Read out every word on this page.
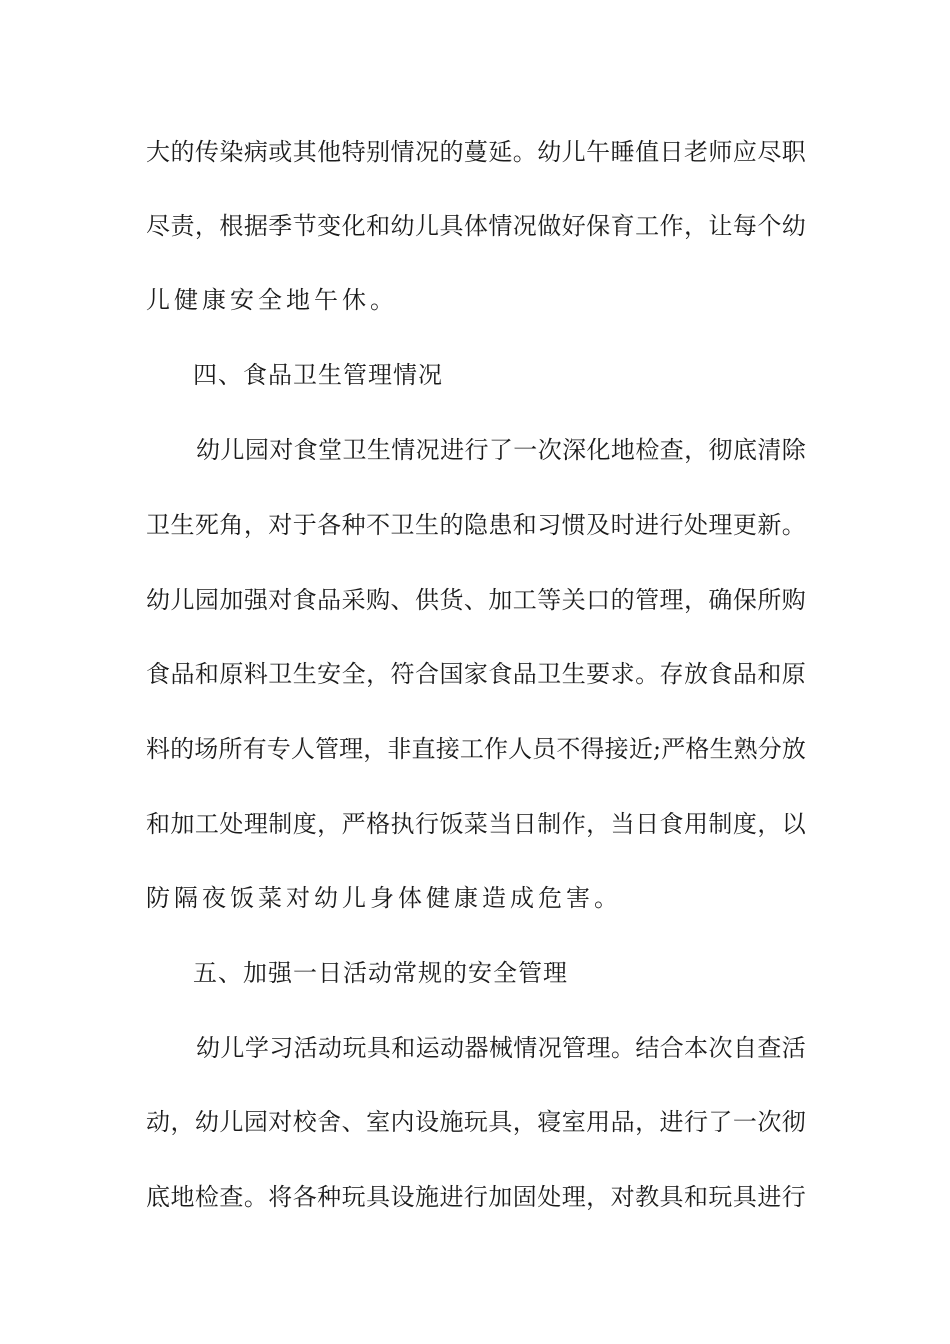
大 的 传 染 病 或 其 他 特 别 情 况 的 蔓 延 。 幼 儿 午 睡 值 日 老 师 应 尽 职

尽 责 ， 根 据 季 节 变 化 和 幼 儿 具 体 情 况 做 好 保 育 工 作 ， 让 每 个 幼

儿健康安全地午休。

四、食品卫生管理情况

幼 儿 园 对 食 堂 卫 生 情 况 进 行 了 一 次 深 化 地 检 查 ， 彻 底 清 除

卫 生 死 角 ， 对 于 各 种 不 卫 生 的 隐 患 和 习 惯 及 时 进 行 处 理 更 新 。

幼 儿 园 加 强 对 食 品 采 购 、 供 货 、 加 工 等 关 口 的 管 理 ， 确 保 所 购

食 品 和 原 料 卫 生 安 全 ， 符 合 国 家 食 品 卫 生 要 求 。 存 放 食 品 和 原

料 的 场 所 有 专 人 管 理 ， 非 直 接 工 作 人 员 不 得 接 近 ; 严 格 生 熟 分 放

和 加 工 处 理 制 度 ， 严 格 执 行 饭 菜 当 日 制 作 ， 当 日 食 用 制 度 ， 以

防隔夜饭菜对幼儿身体健康造成危害。

五、加强一日活动常规的安全管理

幼 儿 学 习 活 动 玩 具 和 运 动 器 械 情 况 管 理 。 结 合 本 次 自 查 活

动 ， 幼 儿 园 对 校 舍 、 室 内 设 施 玩 具 ， 寝 室 用 品 ， 进 行 了 一 次 彻

底 地 检 查 。 将 各 种 玩 具 设 施 进 行 加 固 处 理 ， 对 教 具 和 玩 具 进 行
